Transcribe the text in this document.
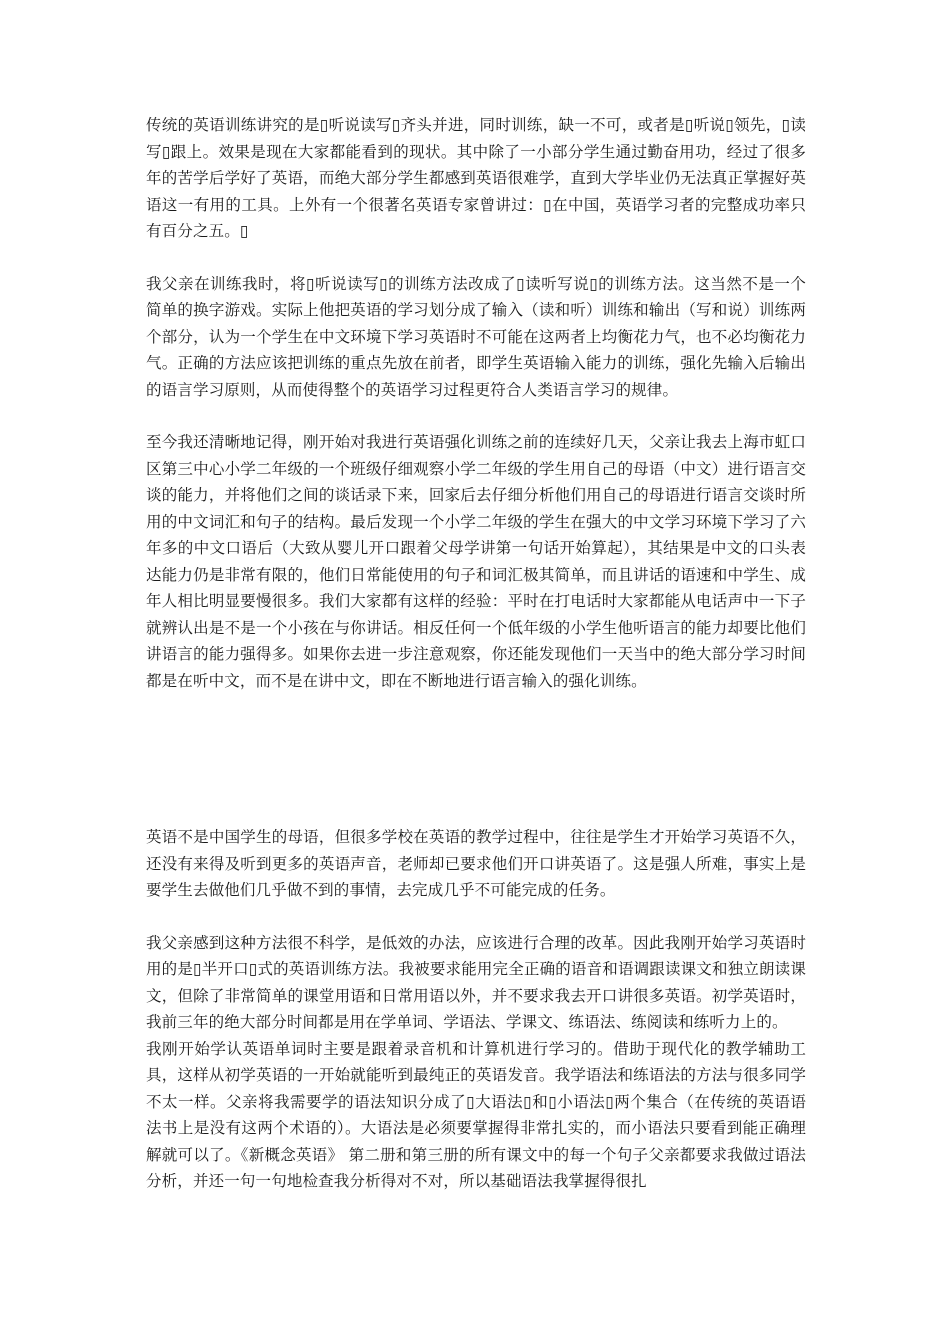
传统的英语训练讲究的是▯听说读写▯齐头并进，同时训练，缺一不可，或者是▯听说▯领先，▯读写▯跟上。效果是现在大家都能看到的现状。其中除了一小部分学生通过勤奋用功，经过了很多年的苦学后学好了英语，而绝大部分学生都感到英语很难学，直到大学毕业仍无法真正掌握好英语这一有用的工具。上外有一个很著名英语专家曾讲过：▯在中国，英语学习者的完整成功率只有百分之五。▯

我父亲在训练我时，将▯听说读写▯的训练方法改成了▯读听写说▯的训练方法。这当然不是一个简单的换字游戏。实际上他把英语的学习划分成了输入（读和听）训练和输出（写和说）训练两个部分，认为一个学生在中文环境下学习英语时不可能在这两者上均衡花力气，也不必均衡花力气。正确的方法应该把训练的重点先放在前者，即学生英语输入能力的训练，强化先输入后输出的语言学习原则，从而使得整个的英语学习过程更符合人类语言学习的规律。

至今我还清晰地记得，刚开始对我进行英语强化训练之前的连续好几天，父亲让我去上海市虹口区第三中心小学二年级的一个班级仔细观察小学二年级的学生用自己的母语（中文）进行语言交谈的能力，并将他们之间的谈话录下来，回家后去仔细分析他们用自己的母语进行语言交谈时所用的中文词汇和句子的结构。最后发现一个小学二年级的学生在强大的中文学习环境下学习了六年多的中文口语后（大致从婴儿开口跟着父母学讲第一句话开始算起），其结果是中文的口头表达能力仍是非常有限的，他们日常能使用的句子和词汇极其简单，而且讲话的语速和中学生、成年人相比明显要慢很多。我们大家都有这样的经验：平时在打电话时大家都能从电话声中一下子就辨认出是不是一个小孩在与你讲话。相反任何一个低年级的小学生他听语言的能力却要比他们讲语言的能力强得多。如果你去进一步注意观察，你还能发现他们一天当中的绝大部分学习时间都是在听中文，而不是在讲中文，即在不断地进行语言输入的强化训练。

英语不是中国学生的母语，但很多学校在英语的教学过程中，往往是学生才开始学习英语不久，还没有来得及听到更多的英语声音，老师却已要求他们开口讲英语了。这是强人所难，事实上是要学生去做他们几乎做不到的事情，去完成几乎不可能完成的任务。

我父亲感到这种方法很不科学，是低效的办法，应该进行合理的改革。因此我刚开始学习英语时用的是▯半开口▯式的英语训练方法。我被要求能用完全正确的语音和语调跟读课文和独立朗读课文，但除了非常简单的课堂用语和日常用语以外，并不要求我去开口讲很多英语。初学英语时，我前三年的绝大部分时间都是用在学单词、学语法、学课文、练语法、练阅读和练听力上的。

我刚开始学认英语单词时主要是跟着录音机和计算机进行学习的。借助于现代化的教学辅助工具，这样从初学英语的一开始就能听到最纯正的英语发音。我学语法和练语法的方法与很多同学不太一样。父亲将我需要学的语法知识分成了▯大语法▯和▯小语法▯两个集合（在传统的英语语法书上是没有这两个术语的）。大语法是必须要掌握得非常扎实的，而小语法只要看到能正确理解就可以了。《新概念英语》 第二册和第三册的所有课文中的每一个句子父亲都要求我做过语法分析，并还一句一句地检查我分析得对不对，所以基础语法我掌握得很扎
